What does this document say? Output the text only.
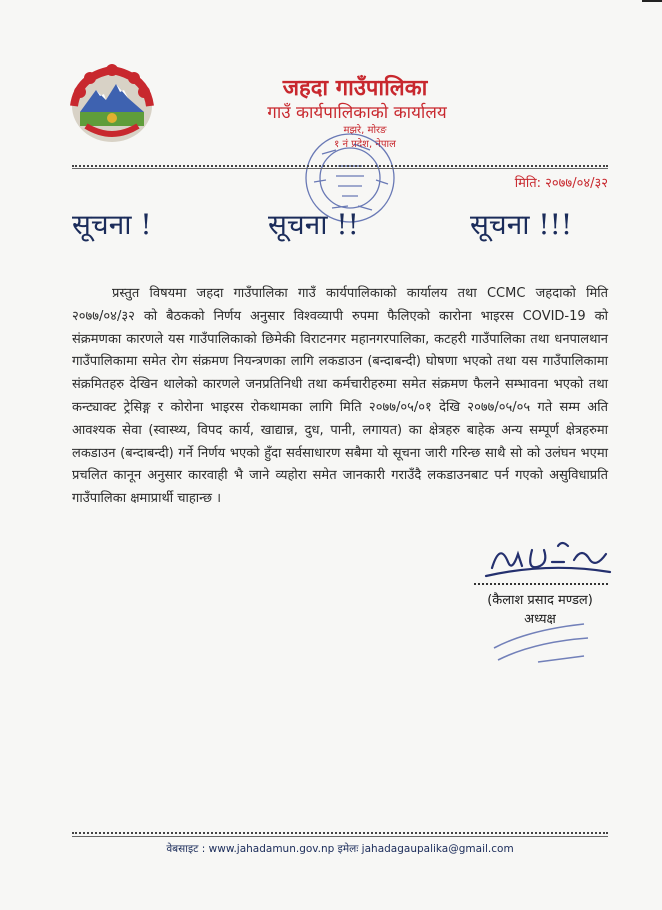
जहदा गाउँपालिका
गाउँ कार्यपालिकाको कार्यालय
मझरे, मोरङ
१ नं प्रदेश, नेपाल
मिति: २०७७/०४/३२
सूचना !	सूचना !!	सूचना !!!
प्रस्तुत विषयमा जहदा गाउँपालिका गाउँ कार्यपालिकाको कार्यालय तथा CCMC जहदाको मिति २०७७/०४/३२ को बैठकको निर्णय अनुसार विश्वव्यापी रुपमा फैलिएको कारोना भाइरस COVID-19 को संक्रमणका कारणले यस गाउँपालिकाको छिमेकी विराटनगर महानगरपालिका, कटहरी गाउँपालिका तथा धनपालथान गाउँपालिकामा समेत रोग संक्रमण नियन्त्रणका लागि लकडाउन (बन्दाबन्दी) घोषणा भएको तथा यस गाउँपालिकामा संक्रमितहरु देखिन थालेको कारणले जनप्रतिनिधी तथा कर्मचारीहरुमा समेत संक्रमण फैलने सम्भावना भएको तथा कन्ट्याक्ट ट्रेसिङ्ग र कोरोना भाइरस रोकथामका लागि मिति २०७७/०५/०१ देखि २०७७/०५/०५ गते सम्म अति आवश्यक सेवा (स्वास्थ्य, विपद कार्य, खाद्यान्न, दुध, पानी, लगायत) का क्षेत्रहरु बाहेक अन्य सम्पूर्ण क्षेत्रहरुमा लकडाउन (बन्दाबन्दी) गर्ने निर्णय भएको हुँदा सर्वसाधारण सबैमा यो सूचना जारी गरिन्छ साथै सो को उलंघन भएमा प्रचलित कानून अनुसार कारवाही भै जाने व्यहोरा समेत जानकारी गराउँदै लकडाउनबाट पर्न गएको असुविधाप्रति गाउँपालिका क्षमाप्रार्थी चाहान्छ ।
(कैलाश प्रसाद मण्डल)
अध्यक्ष
वेबसाइट : www.jahadamun.gov.np इमेलः jahadagaupalika@gmail.com
